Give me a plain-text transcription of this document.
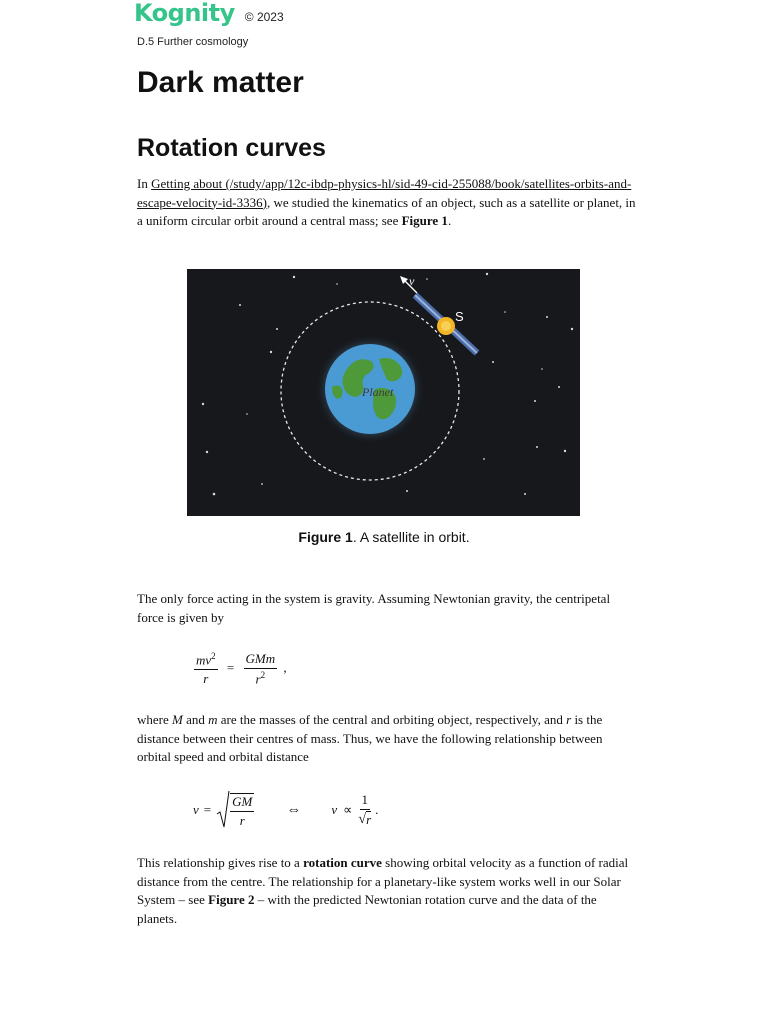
Kognity © 2023
D.5 Further cosmology
Dark matter
Rotation curves

In Getting about (/study/app/12c-ibdp-physics-hl/sid-49-cid-255088/book/satellites-orbits-and-escape-velocity-id-3336), we studied the kinematics of an object, such as a satellite or planet, in a uniform circular orbit around a central mass; see Figure 1.

Planet
v
S
Figure 1. A satellite in orbit.

The only force acting in the system is gravity. Assuming Newtonian gravity, the centripetal force is given by

$\frac{mv^2}{r} = \frac{\text{GMm}}{r^2}$ ,

where M and m are the masses of the central and orbiting object, respectively, and r is the distance between their centres of mass. Thus, we have the following relationship between orbital speed and orbital distance

$v = \frac{GM}{r}$ ⇔ $v \propto \frac{1}{√ r}$ .

This relationship gives rise to a rotation curve showing orbital velocity as a function of radial distance from the centre. The relationship for a planetary-like system works well in our Solar System – see Figure 2 – with the predicted Newtonian rotation curve and the data of the planets.
